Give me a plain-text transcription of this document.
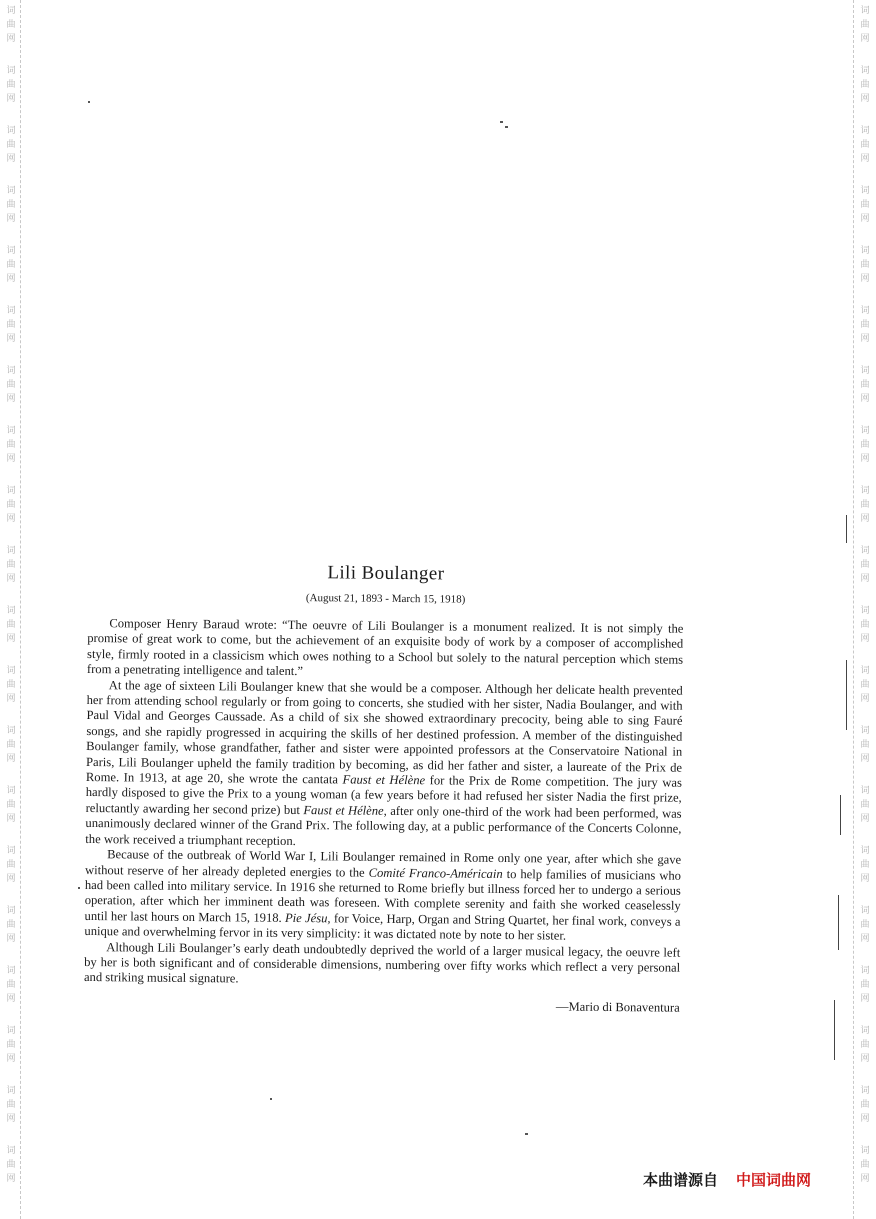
词
曲
网
词
曲
网
词
曲
网
词
曲
网
词
曲
网
词
曲
网
词
曲
网
词
曲
网
词
曲
网
词
曲
网
词
曲
网
词
曲
网
词
曲
网
词
曲
网
词
曲
网
词
曲
网
词
曲
网
词
曲
网
词
曲
网
词
曲
网
词
曲
网
词
曲
网
词
曲
网
词
曲
网
词
曲
网
词
曲
网
词
曲
网
词
曲
网
词
曲
网
词
曲
网
词
曲
网
词
曲
网
词
曲
网
词
曲
网
词
曲
网
词
曲
网
词
曲
网
词
曲
网
词
曲
网
词
曲
网
Lili Boulanger
(August 21, 1893 - March 15, 1918)

Composer Henry Baraud wrote: “The oeuvre of Lili Boulanger is a monument realized. It is not simply the promise of great work to come, but the achievement of an exquisite body of work by a composer of accomplished style, firmly rooted in a classicism which owes nothing to a School but solely to the natural perception which stems from a penetrating intelligence and talent.”

At the age of sixteen Lili Boulanger knew that she would be a composer. Although her delicate health prevented her from attending school regularly or from going to concerts, she studied with her sister, Nadia Boulanger, and with Paul Vidal and Georges Caussade. As a child of six she showed extraordinary precocity, being able to sing Fauré songs, and she rapidly progressed in acquiring the skills of her destined profession. A member of the distinguished Boulanger family, whose grandfather, father and sister were appointed professors at the Conservatoire National in Paris, Lili Boulanger upheld the family tradition by becoming, as did her father and sister, a laureate of the Prix de Rome. In 1913, at age 20, she wrote the cantata Faust et Hélène for the Prix de Rome competition. The jury was hardly disposed to give the Prix to a young woman (a few years before it had refused her sister Nadia the first prize, reluctantly awarding her second prize) but Faust et Hélène, after only one-third of the work had been performed, was unanimously declared winner of the Grand Prix. The following day, at a public performance of the Concerts Colonne, the work received a triumphant reception.

Because of the outbreak of World War I, Lili Boulanger remained in Rome only one year, after which she gave without reserve of her already depleted energies to the Comité Franco-Américain to help families of musicians who had been called into military service. In 1916 she returned to Rome briefly but illness forced her to undergo a serious operation, after which her imminent death was foreseen. With complete serenity and faith she worked ceaselessly until her last hours on March 15, 1918. Pie Jésu, for Voice, Harp, Organ and String Quartet, her final work, conveys a unique and overwhelming fervor in its very simplicity: it was dictated note by note to her sister.

Although Lili Boulanger’s early death undoubtedly deprived the world of a larger musical legacy, the oeuvre left by her is both significant and of considerable dimensions, numbering over fifty works which reflect a very personal and striking musical signature.

—Mario di Bonaventura
本曲谱源自 中国词曲网
